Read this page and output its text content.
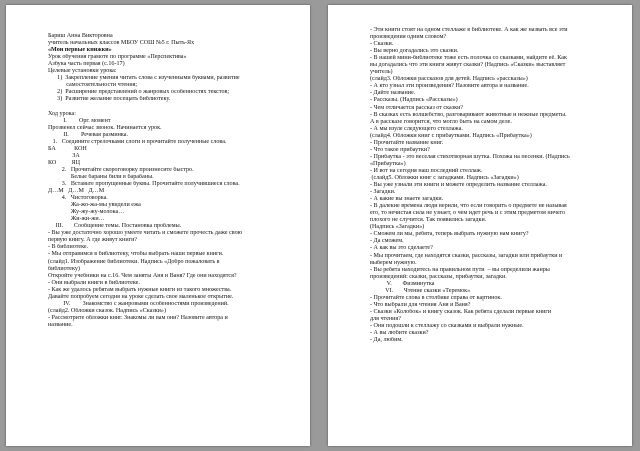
Бариш Анна Викторовна
учитель начальных классов МБОУ СОШ №5 г. Пыть-Ях
«Мои первые книжки»
Урок обучения грамоте по программе «Перспектива»
Азбука часть первая (с.16-17)
Целевые установки урока:
1)  Закрепление умения читать слова с изученными буквами, развитие
самостоятельности чтения;
2)  Расширение представлений о жанровых особенностях текстов;
3)  Развитие желание посещать библиотеку.
Ход урока:
I.        Орг. момент
Прозвенел сейчас звонок. Начинается урок.
II.        Речевая разминка.
1.   Соедините стрелочками слоги и прочитайте полученные слова.
БА            КОН
ЗА
КО          ЯЦ
2.   Прочитайте скороговорку произнесите быстро.
Белые бараны били в барабаны.
3.   Вставьте пропущенные буквы. Прочитайте получившиеся слова.
Д…М   Д…М   Д…М
4.   Чистоговорка.
Жа-жо-жа-мы увидели ежа
Жу-жу-жу-молока…
Жи-жи-жи…
III.       Сообщение темы. Постановка проблемы.
- Вы уже достаточно хорошо умеете читать и сможете прочесть даже свою
первую книгу. А где живут книги?
- В библиотеке.
- Мы отправимся в библиотеку, чтобы выбрать наши первые книги.
(слайд1. Изображение библиотеки. Надпись «Добро пожаловать в
библиотеку)
Откройте учебники на с.16. Чем заняты Аня и Ваня? Где они находятся?
- Они выбрали книги в библиотеке.
- Как же удалось ребятам выбрать нужные книги из такого множества.
Давайте попробуем сегодня на уроке сделать свое маленькое открытие.
IV.        Знакомство с жанровыми особенностями произведений.
(слайд2. Обложки сказок. Надпись «Сказки»)
- Рассмотрите обложки книг. Знакомы ли вам они? Назовите автора и
название.
- Эти книги стоят на одном стеллаже в библиотеке. А как же назвать все эти
произведения одним словом?
- Сказки.
- Вы верно догадались это сказки.
- В нашей мини-библиотеке тоже есть полочка со сказками, найдите её. Как
вы догадались что эти книги живут сказки? (Надпись «Сказки» выставляет
учитель)
(слайд3. Обложки рассказов для детей. Надпись «рассказы»)
- А кто узнал эти произведения? Назовите автора и название.
- Дайте название.
- Рассказы. (Надпись «Рассказы»)
- Чем отличается рассказ от сказки?
- В сказках есть волшебство, разговаривают животные и нежные предметы.
А в рассказе говорится, что могло быть на самом деле.
- А мы взуле следующего стеллажа.
(слайд4. Обложки книг с прибаутками. Надпись «Прибаутка»)
- Прочитайте название книг.
- Что такое прибаутки?
- Прибаутка - это веселая стихотворная шутка. Похожа на песенки. (Надпись
«Прибаутка»)
- И вот на сегодня наш последний стеллаж.
(слайд5. Обложки книг с загадками. Надпись «Загадки»)
- Вы уже узнали эти книги и можете определить название стеллажа.
- Загадки.
- А какие вы знаете загадки.
- В далекие времена люди верили, что если говорить о предмете не называя
его, то нечистая сила не узнает, о чем идет речь и с этим предметом ничего
плохого не случится. Так появились загадки.
(Надпись «Загадки»)
- Сможем ли мы, ребята, теперь выбрать нужную нам книгу?
- Да сможем.
- А как вы это сделаете?
- Мы прочитаем, где находятся сказки, рассказы, загадки или прибаутки и
выберем нужную.
- Вы ребята находитесь на правильном пути  – вы определили жанры
произведений: сказки, рассказы, прибаутки, загадки.
V.       Физминутка
VI.       Чтение сказки «Теремок»
- Прочитайте слова в столбике справа от картинок.
- Что выбрали для чтения Аня и Ваня?
- Сказки «Колобок» и книгу сказок. Как ребята сделали первые книги
для чтения?
- Они подошли к стеллажу со сказками и выбрали нужные.
- А вы любите сказки?
- Да, любим.
